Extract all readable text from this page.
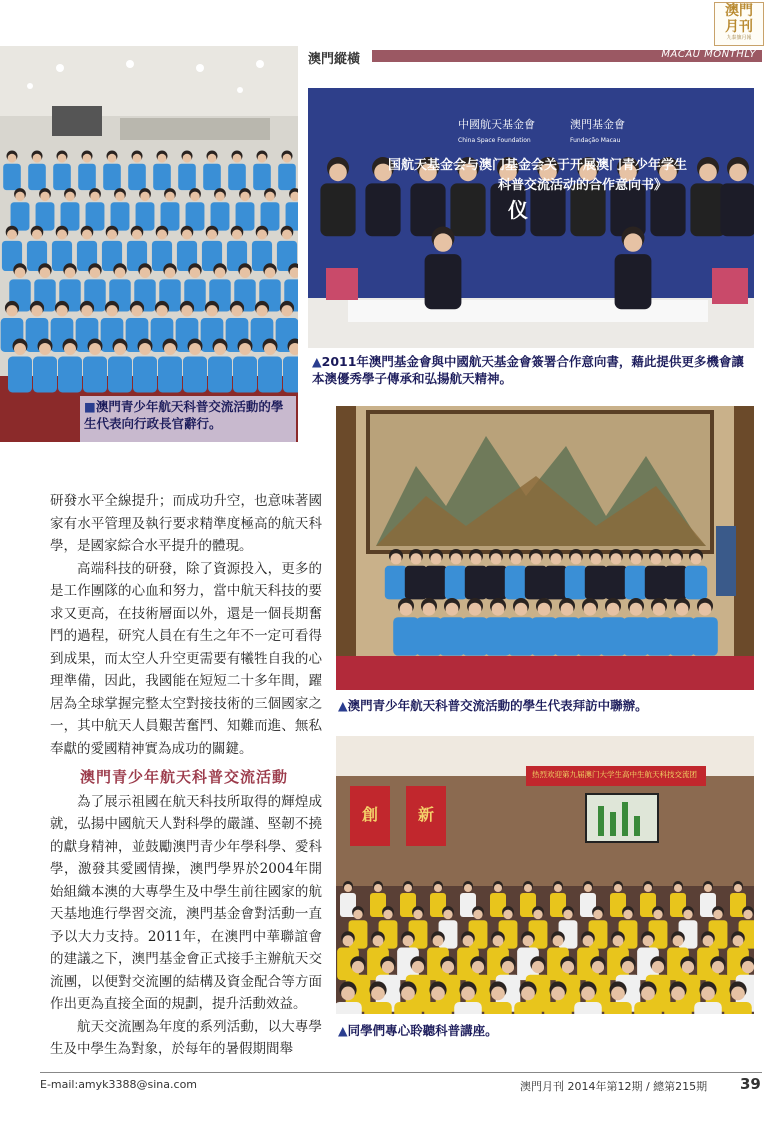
澳門
月刊
九泰旗月報
澳門縱橫	MACAU MONTHLY
■澳門青少年航天科普交流活動的學生代表向行政長官辭行。
中國航天基金會
China Space Foundation
澳門基金會
Fundação Macau
国航天基金会与澳门基金会关于开展澳门青少年学生
科普交流活动的合作意向书》
仪
▲2011年澳門基金會與中國航天基金會簽署合作意向書，藉此提供更多機會讓本澳優秀學子傳承和弘揚航天精神。
▲澳門青少年航天科普交流活動的學生代表拜訪中聯辦。
热烈欢迎第九届澳门大学生高中生航天科技交流团
創 新
▲同學們專心聆聽科普講座。

研發水平全線提升；而成功升空，也意味著國家有水平管理及執行要求精準度極高的航天科學，是國家綜合水平提升的體現。

高端科技的研發，除了資源投入，更多的是工作團隊的心血和努力，當中航天科技的要求又更高，在技術層面以外，還是一個長期奮鬥的過程，研究人員在有生之年不一定可看得到成果，而太空人升空更需要有犧牲自我的心理準備，因此，我國能在短短二十多年間，躍居為全球掌握完整太空對接技術的三個國家之一，其中航天人員艱苦奮鬥、知難而進、無私奉獻的愛國精神實為成功的關鍵。

澳門青少年航天科普交流活動

為了展示祖國在航天科技所取得的輝煌成就，弘揚中國航天人對科學的嚴謹、堅韌不撓的獻身精神，並鼓勵澳門青少年學科學、愛科學，激發其愛國情操，澳門學界於2004年開始組織本澳的大專學生及中學生前往國家的航天基地進行學習交流，澳門基金會對活動一直予以大力支持。2011年，在澳門中華聯誼會的建議之下，澳門基金會正式接手主辦航天交流團，以便對交流團的結構及資金配合等方面作出更為直接全面的規劃，提升活動效益。

航天交流團為年度的系列活動，以大專學生及中學生為對象，於每年的暑假期間舉

E-mail:amyk3388@sina.com	澳門月刊 2014年第12期 / 總第215期 39
